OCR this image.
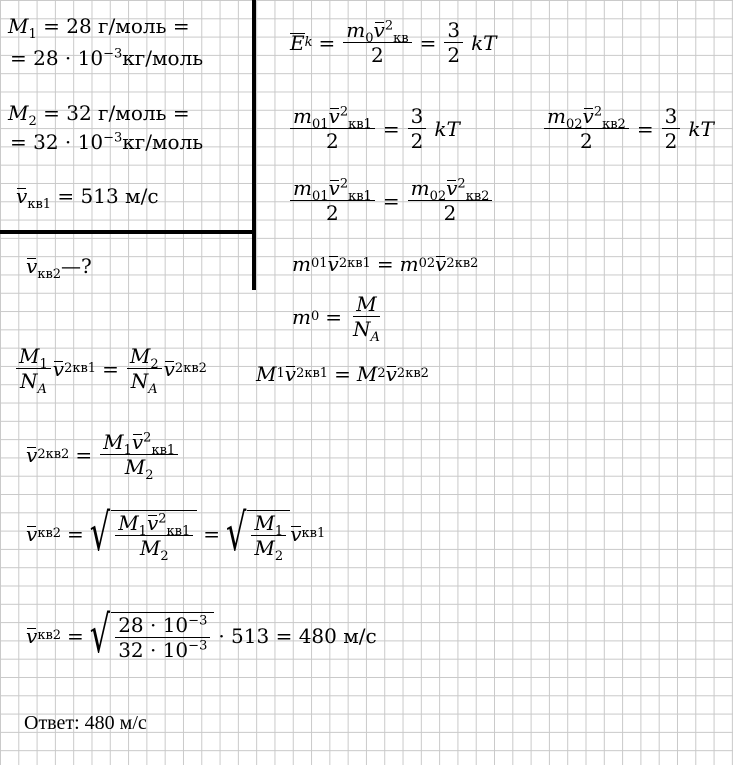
$M_1 = 28$ г/моль =
= $28 \cdot 10^{-3}кг$/моль
$M_2 = 32$ г/моль =
= $32 \cdot 10^{-3}кг$/моль
$v_{кв1} = 513$ м/с
$v_{кв2}—$?
E $k = \frac{m_0v^2_{кв}}{2} = \frac{3}{2}$ kT
$\frac{m_{01}v^2_{кв1}}{2} = \frac{3}{2}$ kT	$\frac{m_{02}v^2_{кв2}}{2} = \frac{3}{2}$ kT
$\frac{m_{01}v^2_{кв1}}{2} = \frac{m_{02}v^2_{кв2}}{2}$
m 01 v 2 кв1 = m 02 v 2 кв2
m $0 = \frac{M}{N_A}$
$\frac{M_1}{N_A}$ v 2 $кв1 = \frac{M_2}{N_A}$ v 2 кв2 M 1 v 2 кв1 = M 2 v 2 кв2
v 2 $кв2 = \frac{M_1v^2_{кв1}}{M_2}$
v кв2 = √ $\frac{M_1v^2_{кв1}}{M_2}$ = √ $\frac{M_1}{M_2}$ v кв1
v кв2 = √ $\frac{28 \cdot 10^{-3}}{32 \cdot 10^{-3}} \cdot 513 = 480$ м/с
Ответ: 480 м/с
